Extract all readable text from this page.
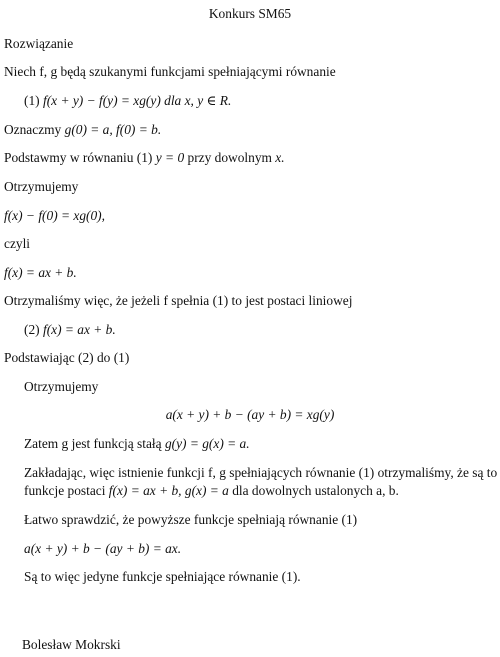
Konkurs SM65
Rozwiązanie
Niech f, g będą szukanymi funkcjami spełniającymi równanie
(1) f(x + y) − f(y) = xg(y) dla x, y ∈ R.
Oznaczmy g(0) = a, f(0) = b.
Podstawmy w równaniu (1) y = 0 przy dowolnym x.
Otrzymujemy
f(x) − f(0) = xg(0),
czyli
f(x) = ax + b.
Otrzymaliśmy więc, że jeżeli f spełnia (1) to jest postaci liniowej
(2) f(x) = ax + b.
Podstawiając (2) do (1)
Otrzymujemy
a(x + y) + b − (ay + b) = xg(y)
Zatem g jest funkcją stałą g(y) = g(x) = a.
Zakładając, więc istnienie funkcji f, g spełniających równanie (1) otrzymaliśmy, że są to
funkcje postaci f(x) = ax + b, g(x) = a dla dowolnych ustalonych a, b.
Łatwo sprawdzić, że powyższe funkcje spełniają równanie (1)
a(x + y) + b − (ay + b) = ax.
Są to więc jedyne funkcje spełniające równanie (1).
Bolesław Mokrski
